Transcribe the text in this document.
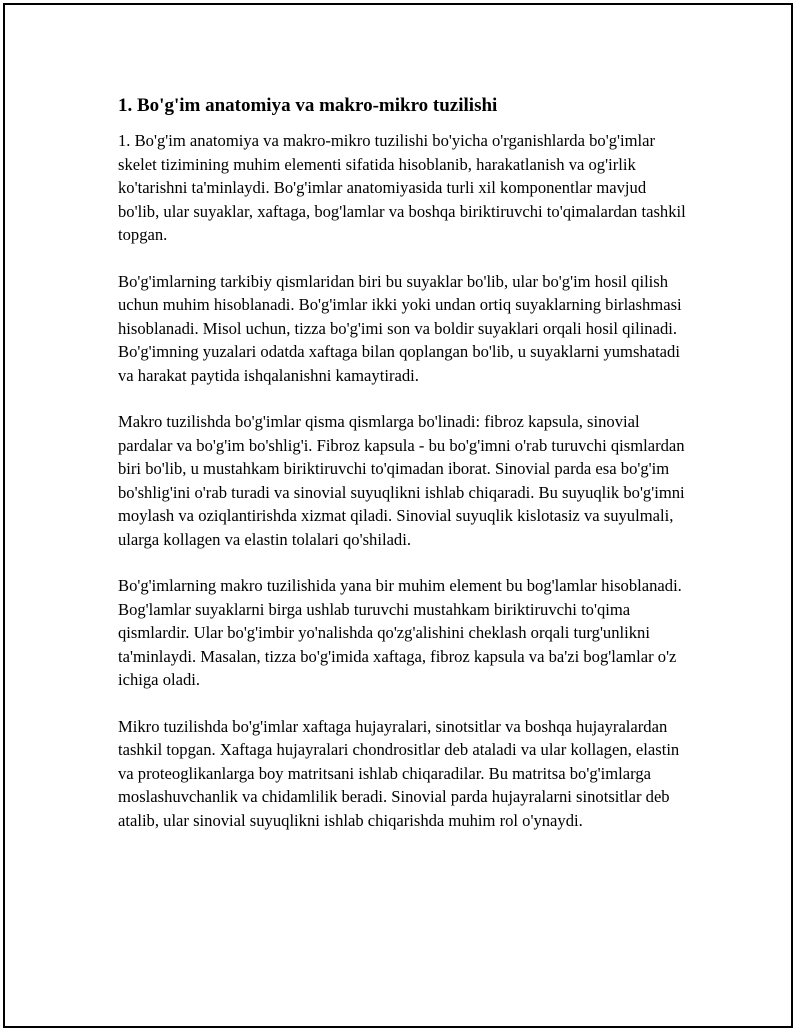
1. Bo'g'im anatomiya va makro-mikro tuzilishi

1. Bo'g'im anatomiya va makro-mikro tuzilishi bo'yicha o'rganishlarda bo'g'imlar skelet tizimining muhim elementi sifatida hisoblanib, harakatlanish va og'irlik ko'tarishni ta'minlaydi. Bo'g'imlar anatomiyasida turli xil komponentlar mavjud bo'lib, ular suyaklar, xaftaga, bog'lamlar va boshqa biriktiruvchi to'qimalardan tashkil topgan.

Bo'g'imlarning tarkibiy qismlaridan biri bu suyaklar bo'lib, ular bo'g'im hosil qilish uchun muhim hisoblanadi. Bo'g'imlar ikki yoki undan ortiq suyaklarning birlashmasi hisoblanadi. Misol uchun, tizza bo'g'imi son va boldir suyaklari orqali hosil qilinadi. Bo'g'imning yuzalari odatda xaftaga bilan qoplangan bo'lib, u suyaklarni yumshatadi va harakat paytida ishqalanishni kamaytiradi.

Makro tuzilishda bo'g'imlar qisma qismlarga bo'linadi: fibroz kapsula, sinovial pardalar va bo'g'im bo'shlig'i. Fibroz kapsula - bu bo'g'imni o'rab turuvchi qismlardan biri bo'lib, u mustahkam biriktiruvchi to'qimadan iborat. Sinovial parda esa bo'g'im bo'shlig'ini o'rab turadi va sinovial suyuqlikni ishlab chiqaradi. Bu suyuqlik bo'g'imni moylash va oziqlantirishda xizmat qiladi. Sinovial suyuqlik kislotasiz va suyulmali, ularga kollagen va elastin tolalari qo'shiladi.

Bo'g'imlarning makro tuzilishida yana bir muhim element bu bog'lamlar hisoblanadi. Bog'lamlar suyaklarni birga ushlab turuvchi mustahkam biriktiruvchi to'qima qismlardir. Ular bo'g'imbir yo'nalishda qo'zg'alishini cheklash orqali turg'unlikni ta'minlaydi. Masalan, tizza bo'g'imida xaftaga, fibroz kapsula va ba'zi bog'lamlar o'z ichiga oladi.

Mikro tuzilishda bo'g'imlar xaftaga hujayralari, sinotsitlar va boshqa hujayralardan tashkil topgan. Xaftaga hujayralari chondrositlar deb ataladi va ular kollagen, elastin va proteoglikanlarga boy matritsani ishlab chiqaradilar. Bu matritsa bo'g'imlarga moslashuvchanlik va chidamlilik beradi. Sinovial parda hujayralarni sinotsitlar deb atalib, ular sinovial suyuqlikni ishlab chiqarishda muhim rol o'ynaydi.
